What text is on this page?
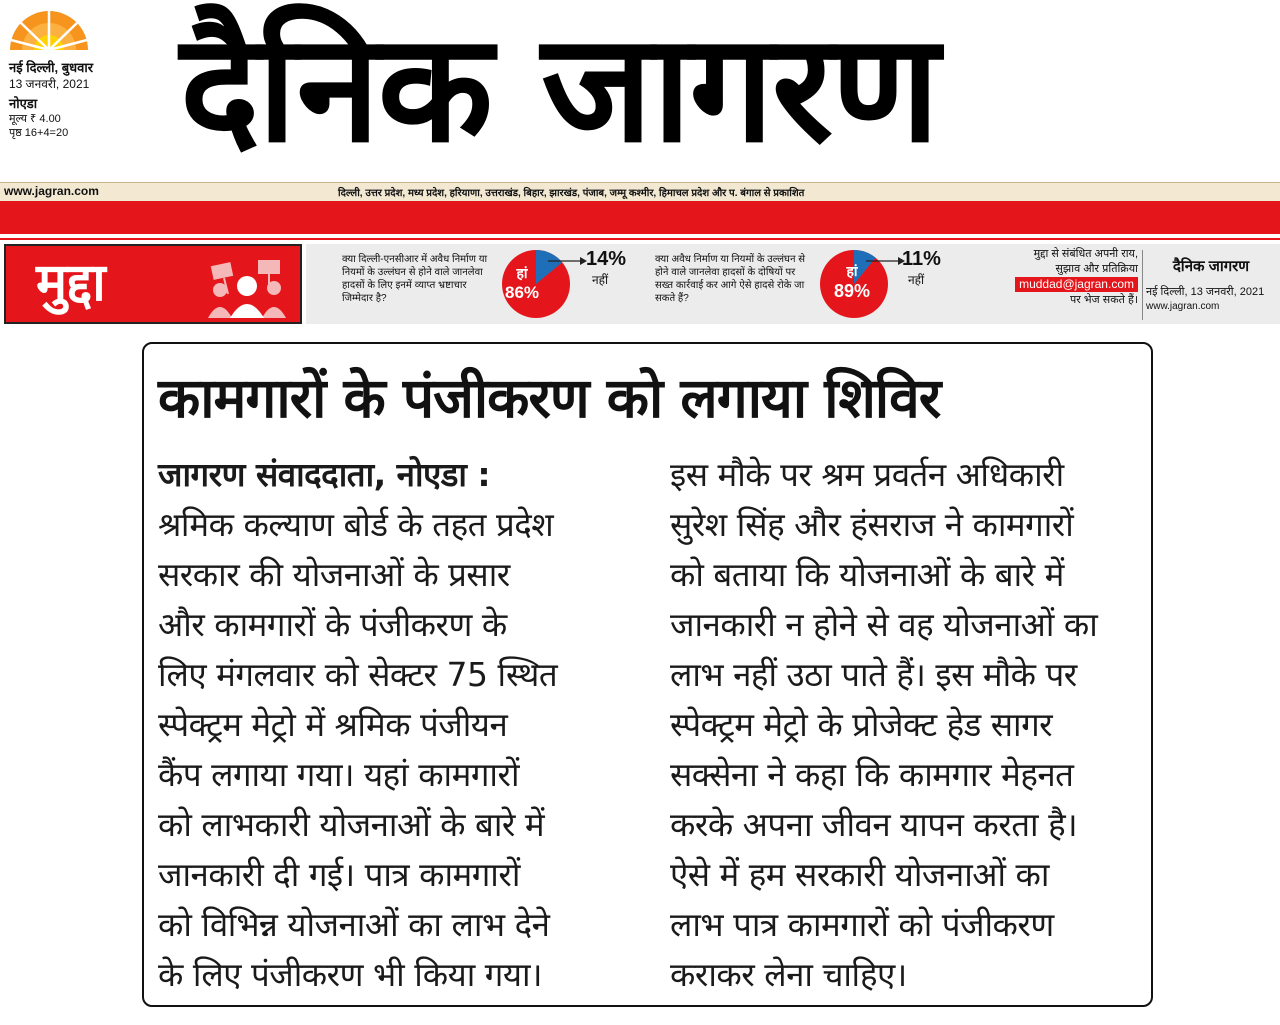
नई दिल्ली, बुधवार
13 जनवरी, 2021
नोएडा
मूल्य ₹ 4.00
पृष्ठ 16+4=20 दैनिक जागरण
www.jagran.com	दिल्ली, उत्तर प्रदेश, मध्य प्रदेश, हरियाणा, उत्तराखंड, बिहार, झारखंड, पंजाब, जम्मू कश्मीर, हिमाचल प्रदेश और प. बंगाल से प्रकाशित
मुद्दा	क्या दिल्ली-एनसीआर में अवैध निर्माण या नियमों के उल्लंघन से होने वाले जानलेवा हादसों के लिए इनमें व्याप्त भ्रष्टाचार जिम्मेदार है?
हां
86%
14%
नहीं
क्या अवैध निर्माण या नियमों के उल्लंघन से होने वाले जानलेवा हादसों के दोषियों पर सख्त कार्रवाई कर आगे ऐसे हादसे रोके जा सकते हैं?
हां
89%
11%
नहीं
मुद्दा से संबंधित अपनी राय,
सुझाव और प्रतिक्रिया
muddad@jagran.com
पर भेज सकते हैं।
दैनिक जागरण
नई दिल्ली, 13 जनवरी, 2021
www.jagran.com
कामगारों के पंजीकरण को लगाया शिविर
जागरण संवाददाता, नोएडा :
श्रमिक कल्याण बोर्ड के तहत प्रदेश
सरकार की योजनाओं के प्रसार
और कामगारों के पंजीकरण के
लिए मंगलवार को सेक्टर 75 स्थित
स्पेक्ट्रम मेट्रो में श्रमिक पंजीयन
कैंप लगाया गया। यहां कामगारों
को लाभकारी योजनाओं के बारे में
जानकारी दी गई। पात्र कामगारों
को विभिन्न योजनाओं का लाभ देने
के लिए पंजीकरण भी किया गया।
इस मौके पर श्रम प्रवर्तन अधिकारी
सुरेश सिंह और हंसराज ने कामगारों
को बताया कि योजनाओं के बारे में
जानकारी न होने से वह योजनाओं का
लाभ नहीं उठा पाते हैं। इस मौके पर
स्पेक्ट्रम मेट्रो के प्रोजेक्ट हेड सागर
सक्सेना ने कहा कि कामगार मेहनत
करके अपना जीवन यापन करता है।
ऐसे में हम सरकारी योजनाओं का
लाभ पात्र कामगारों को पंजीकरण
कराकर लेना चाहिए।
